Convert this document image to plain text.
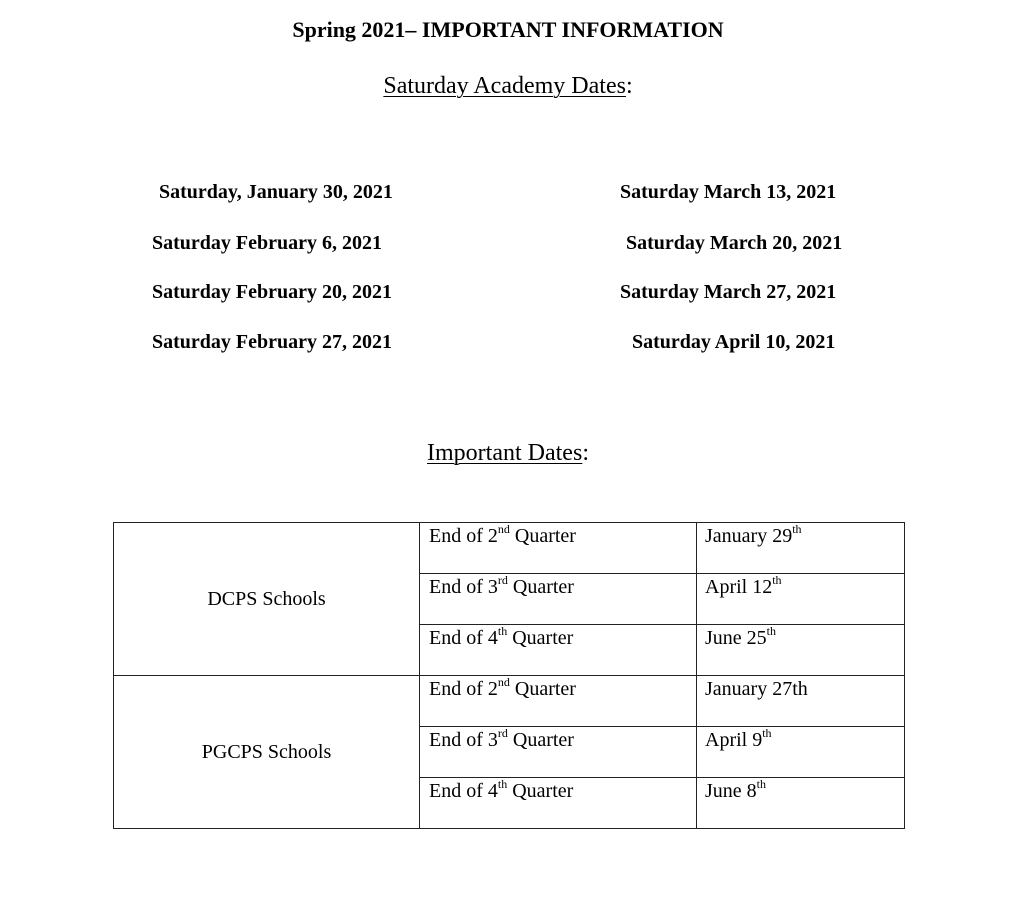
Spring 2021– IMPORTANT INFORMATION
Saturday Academy Dates:
Saturday, January 30, 2021
Saturday February 6, 2021
Saturday February 20, 2021
Saturday February 27, 2021
Saturday March 13, 2021
Saturday March 20, 2021
Saturday March 27, 2021
Saturday April 10, 2021
Important Dates:
DCPS Schools	End of 2nd Quarter	January 29th
	End of 3rd Quarter	April 12th
	End of 4th Quarter	June 25th
PGCPS Schools	End of 2nd Quarter	January 27th
	End of 3rd Quarter	April 9th
	End of 4th Quarter	June 8th
